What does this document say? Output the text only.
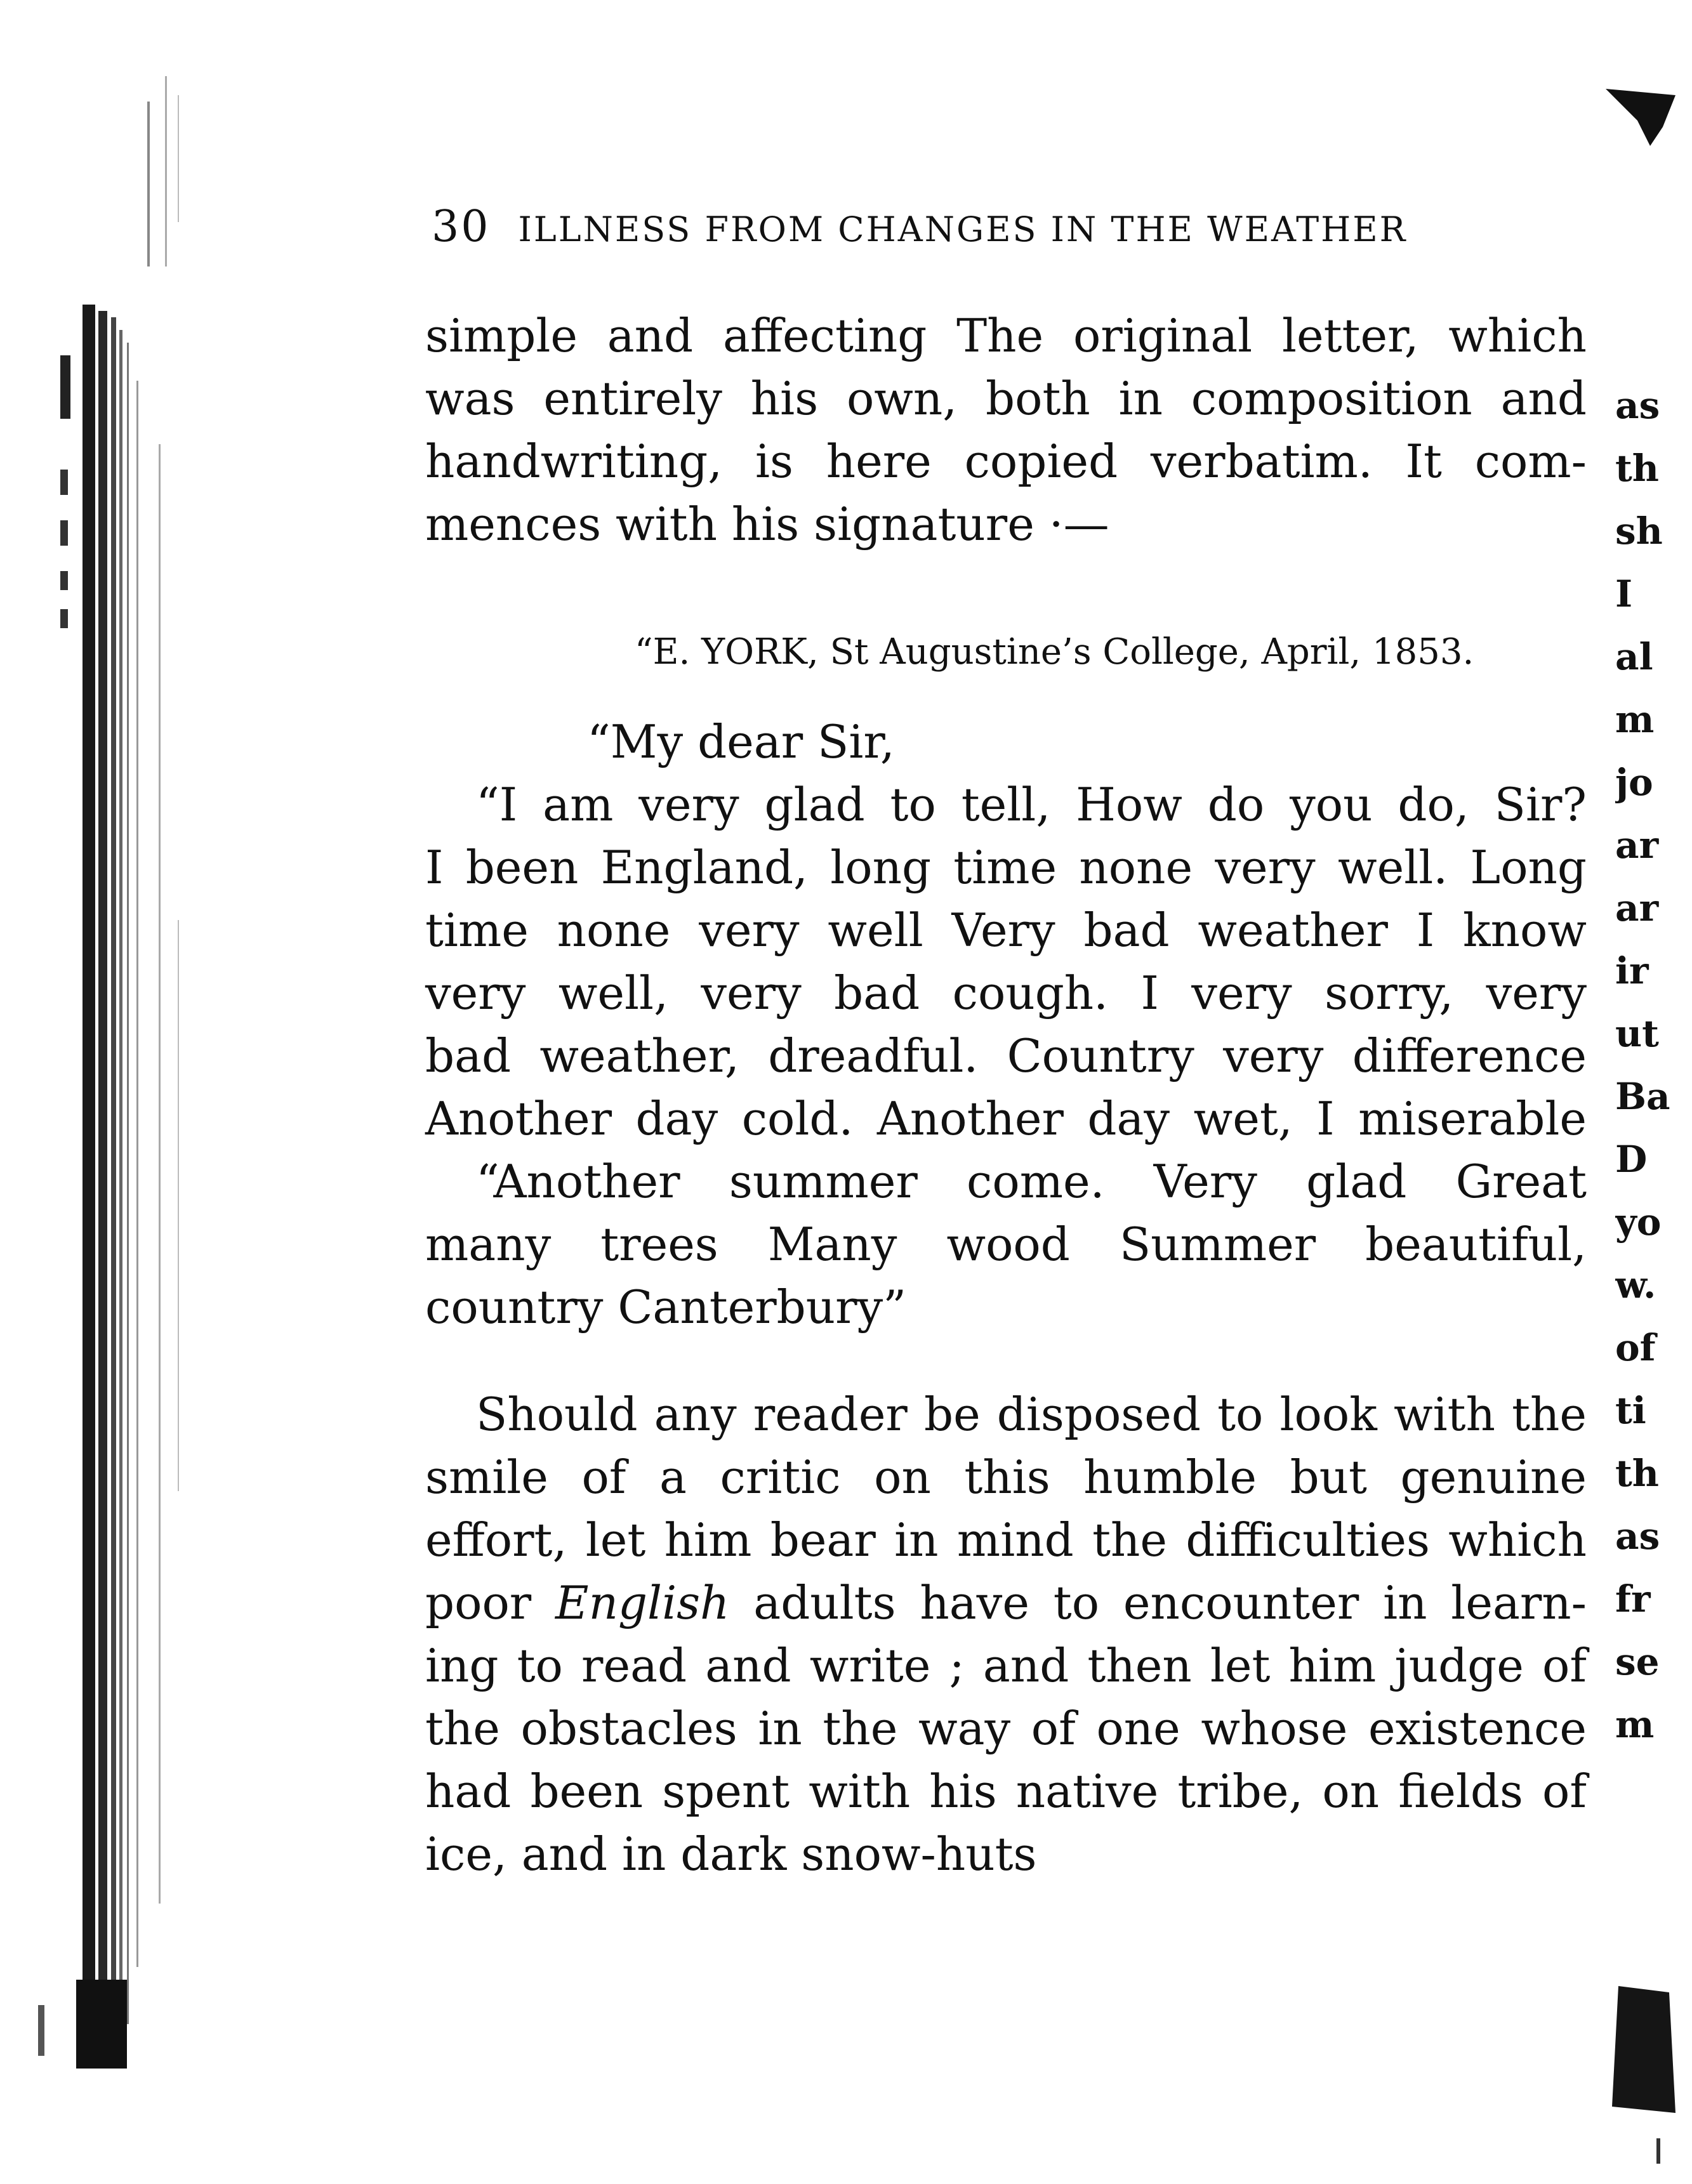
as
th
sh
I
al
m
jo
ar
ar
ir
ut
Ba
D
yo
w.
of
ti
th
as
fr
se
m
30 ILLNESS FROM CHANGES IN THE WEATHER
simple and affecting The original letter, which
was entirely his own, both in composition and
handwriting, is here copied verbatim. It com-
mences with his signature ·—
“E. YORK, St Augustine’s College, April, 1853.
“My dear Sir,
“I am very glad to tell, How do you do, Sir?
I been England, long time none very well. Long
time none very well Very bad weather I know
very well, very bad cough. I very sorry, very
bad weather, dreadful. Country very difference
Another day cold. Another day wet, I miserable
“Another summer come. Very glad Great
many trees Many wood Summer beautiful,
country Canterbury”
Should any reader be disposed to look with the
smile of a critic on this humble but genuine
effort, let him bear in mind the difficulties which
poor English adults have to encounter in learn-
ing to read and write ; and then let him judge of
the obstacles in the way of one whose existence
had been spent with his native tribe, on fields of
ice, and in dark snow-huts
